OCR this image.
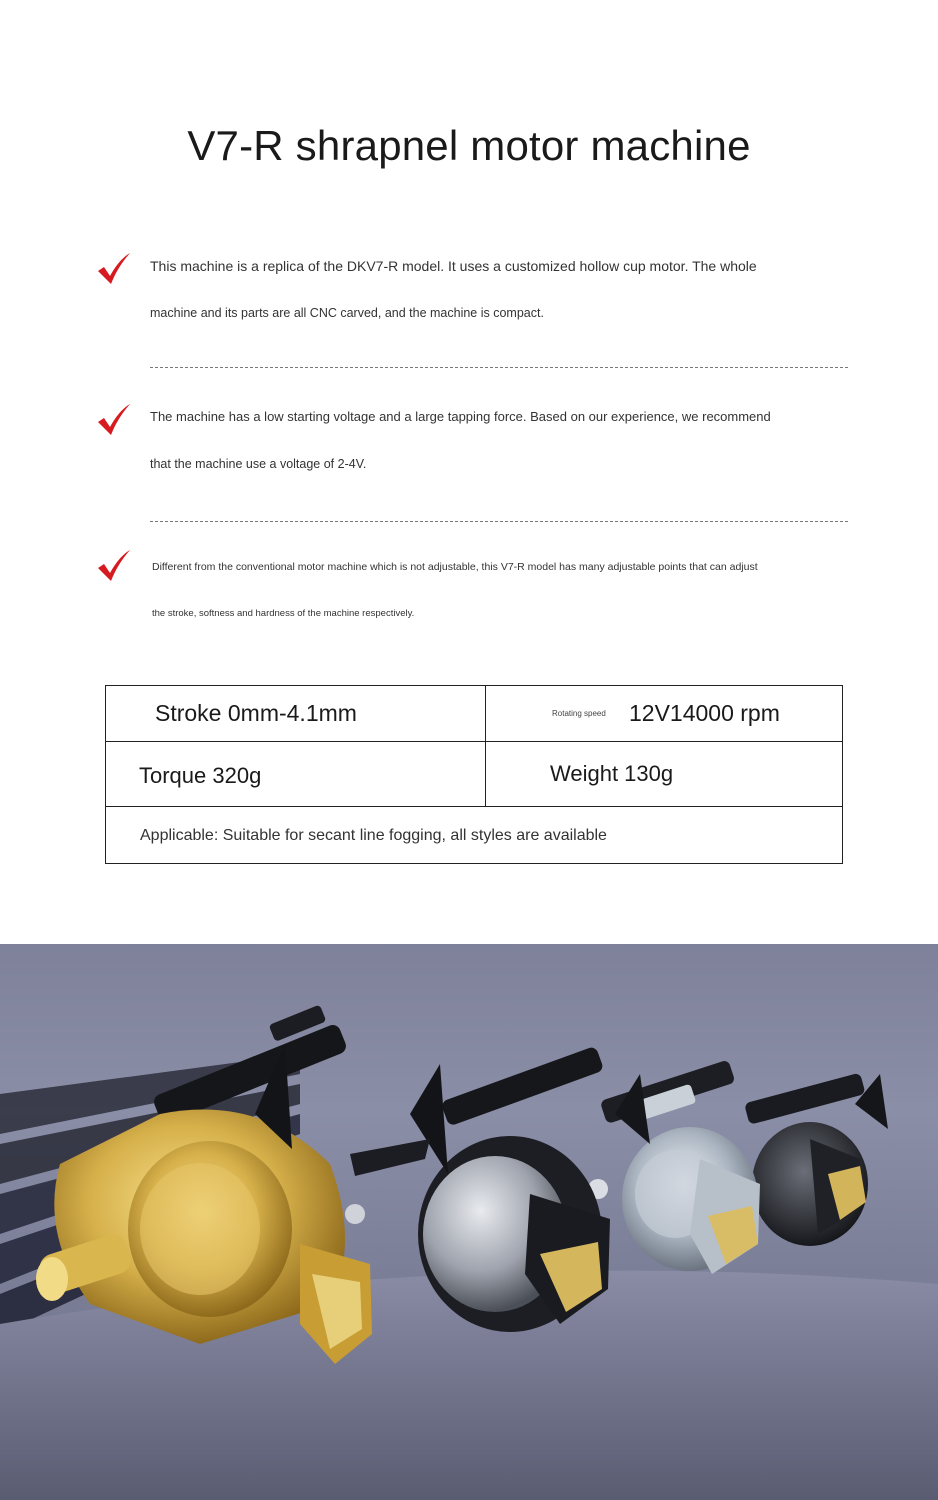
V7-R shrapnel motor machine
This machine is a replica of the DKV7-R model. It uses a customized hollow cup motor. The whole
machine and its parts are all CNC carved, and the machine is compact.
The machine has a low starting voltage and a large tapping force. Based on our experience, we recommend
that the machine use a voltage of 2-4V.
Different from the conventional motor machine which is not adjustable, this V7-R model has many adjustable points that can adjust
the stroke, softness and hardness of the machine respectively.
Stroke 0mm-4.1mm	Rotating speed 12V14000 rpm
Torque 320g	Weight 130g
Applicable: Suitable for secant line fogging, all styles are available
